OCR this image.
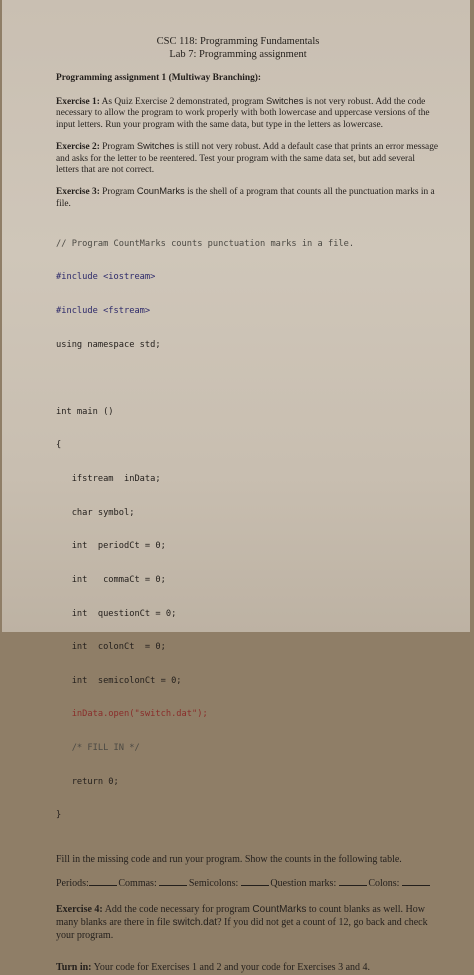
CSC 118: Programming Fundamentals
Lab 7: Programming assignment
Programming assignment 1 (Multiway Branching):

Exercise 1: As Quiz Exercise 2 demonstrated, program Switches is not very robust. Add the code necessary to allow the program to work properly with both lowercase and uppercase versions of the input letters. Run your program with the same data, but type in the letters as lowercase.

Exercise 2: Program Switches is still not very robust. Add a default case that prints an error message and asks for the letter to be reentered. Test your program with the same data set, but add several letters that are not correct.

Exercise 3: Program CounMarks is the shell of a program that counts all the punctuation marks in a file.

// Program CountMarks counts punctuation marks in a file.

#include <iostream>

#include <fstream>

using namespace std;

int main ()

{

ifstream  inData;

char symbol;

int  periodCt = 0;

int   commaCt = 0;

int  questionCt = 0;

int  colonCt  = 0;

int  semicolonCt = 0;

inData.open("switch.dat");

/* FILL IN */

return 0;

}

Fill in the missing code and run your program. Show the counts in the following table.
Periods:	Commas:	Semicolons:	Question marks:	Colons:

Exercise 4: Add the code necessary for program CountMarks to count blanks as well. How many blanks are there in file switch.dat? If you did not get a count of 12, go back and check your program.

Turn in: Your code for Exercises 1 and 2 and your code for Exercises 3 and 4.
